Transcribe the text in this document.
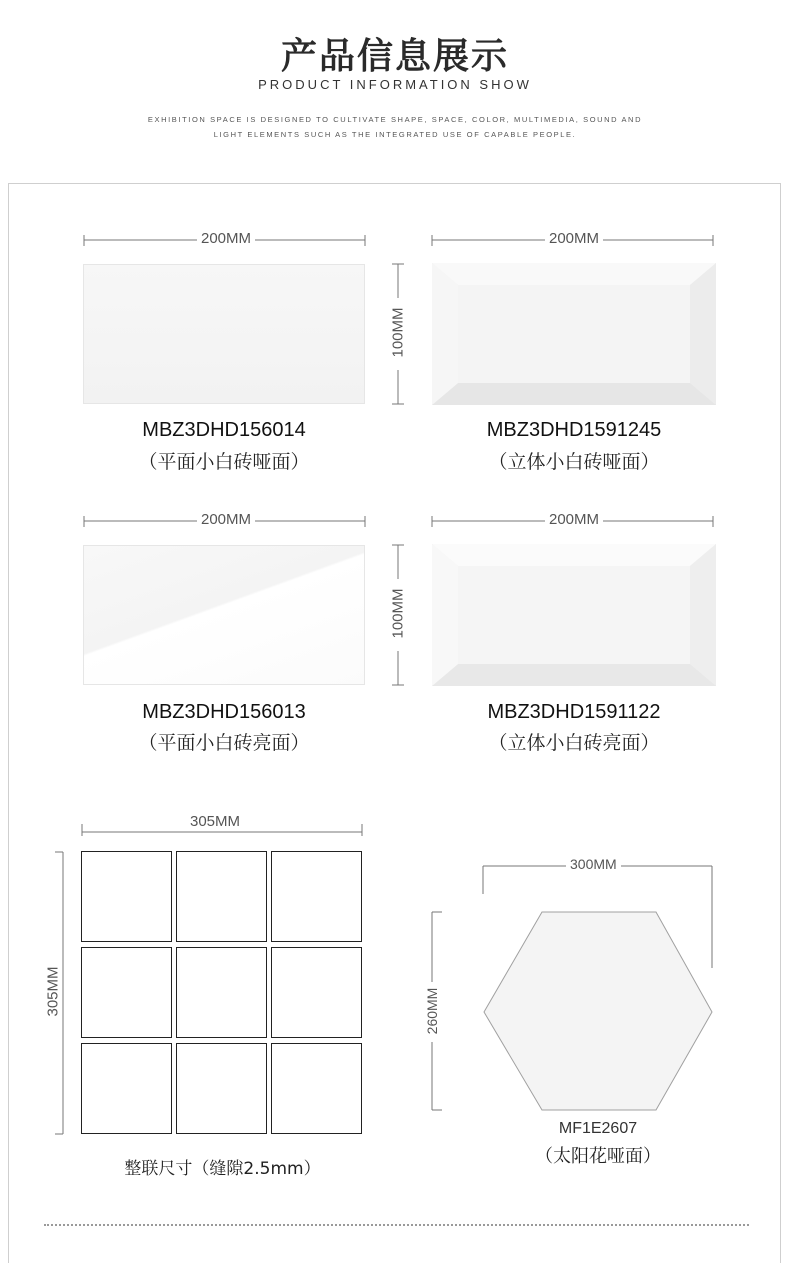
产品信息展示
PRODUCT INFORMATION SHOW
EXHIBITION SPACE IS DESIGNED TO CULTIVATE SHAPE, SPACE, COLOR, MULTIMEDIA, SOUND AND
LIGHT ELEMENTS SUCH AS THE INTEGRATED USE OF CAPABLE PEOPLE.
200MM	200MM
100MM
MBZ3DHD156014
（平面小白砖哑面）
MBZ3DHD1591245
（立体小白砖哑面）
200MM	200MM
100MM
MBZ3DHD156013
（平面小白砖亮面）
MBZ3DHD1591122
（立体小白砖亮面）
305MM
305MM
整联尺寸（缝隙2.5mm）
300MM
260MM
MF1E2607
（太阳花哑面）
